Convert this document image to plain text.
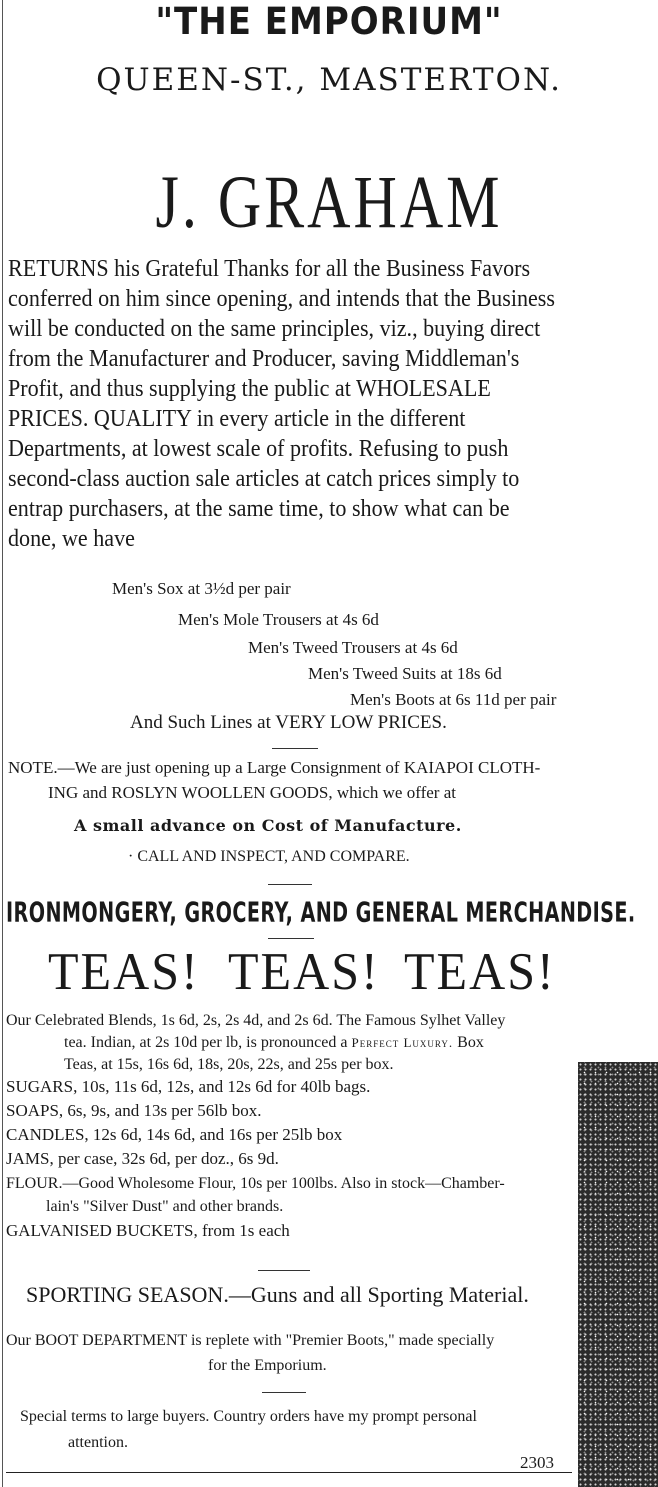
"THE EMPORIUM"
QUEEN-ST., MASTERTON.
J. GRAHAM
RETURNS his Grateful Thanks for all the Business Favors
conferred on him since opening, and intends that the Business
will be conducted on the same principles, viz., buying direct
from the Manufacturer and Producer, saving Middleman's
Profit, and thus supplying the public at WHOLESALE
PRICES. QUALITY in every article in the different
Departments, at lowest scale of profits. Refusing to push
second-class auction sale articles at catch prices simply to
entrap purchasers, at the same time, to show what can be
done, we have
Men's Sox at 3½d per pair
Men's Mole Trousers at 4s 6d
Men's Tweed Trousers at 4s 6d
Men's Tweed Suits at 18s 6d
Men's Boots at 6s 11d per pair
And Such Lines at VERY LOW PRICES.
NOTE.—We are just opening up a Large Consignment of KAIAPOI CLOTH-
ING and ROSLYN WOOLLEN GOODS, which we offer at
A small advance on Cost of Manufacture.
· CALL AND INSPECT, AND COMPARE.
IRONMONGERY, GROCERY, AND GENERAL MERCHANDISE.
TEAS! TEAS! TEAS!
Our Celebrated Blends, 1s 6d, 2s, 2s 4d, and 2s 6d. The Famous Sylhet Valley
tea. Indian, at 2s 10d per lb, is pronounced a Perfect Luxury. Box
Teas, at 15s, 16s 6d, 18s, 20s, 22s, and 25s per box.
SUGARS, 10s, 11s 6d, 12s, and 12s 6d for 40lb bags.
SOAPS, 6s, 9s, and 13s per 56lb box.
CANDLES, 12s 6d, 14s 6d, and 16s per 25lb box
JAMS, per case, 32s 6d, per doz., 6s 9d.
FLOUR.—Good Wholesome Flour, 10s per 100lbs. Also in stock—Chamber-
lain's "Silver Dust" and other brands.
GALVANISED BUCKETS, from 1s each
SPORTING SEASON.—Guns and all Sporting Material.
Our BOOT DEPARTMENT is replete with "Premier Boots," made specially
for the Emporium.
Special terms to large buyers. Country orders have my prompt personal
attention.
2303
